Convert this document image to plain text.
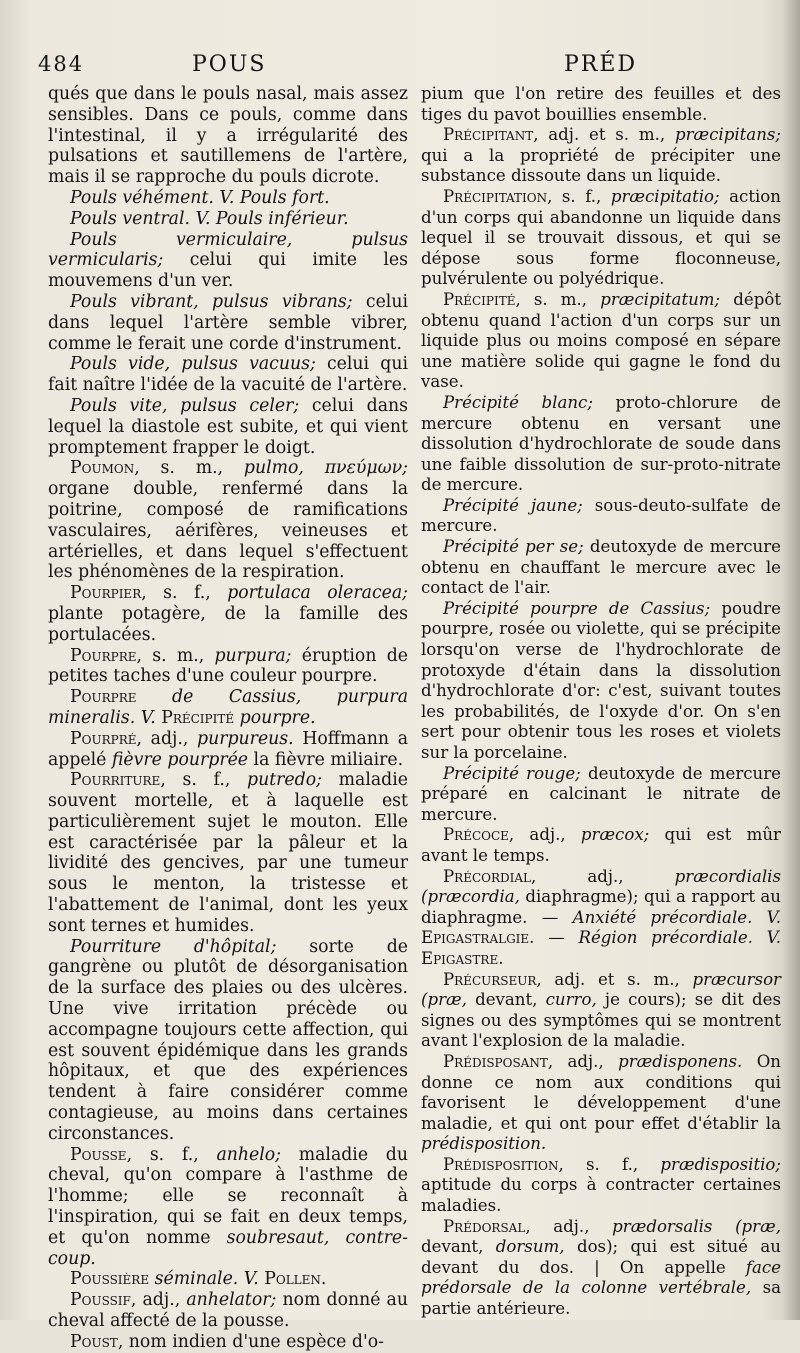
484	POUS	PRÉD

qués que dans le pouls nasal, mais assez sensibles. Dans ce pouls, comme dans l'intestinal, il y a irrégularité des pulsations et sautillemens de l'artère, mais il se rapproche du pouls dicrote.

Pouls véhément. V. Pouls fort.

Pouls ventral. V. Pouls inférieur.

Pouls vermiculaire, pulsus vermicularis; celui qui imite les mouvemens d'un ver.

Pouls vibrant, pulsus vibrans; celui dans lequel l'artère semble vibrer, comme le ferait une corde d'instrument.

Pouls vide, pulsus vacuus; celui qui fait naître l'idée de la vacuité de l'artère.

Pouls vite, pulsus celer; celui dans lequel la diastole est subite, et qui vient promptement frapper le doigt.

Poumon, s. m., pulmo, πνεύμων; organe double, renfermé dans la poitrine, composé de ramifications vasculaires, aérifères, veineuses et artérielles, et dans lequel s'effectuent les phénomènes de la respiration.

Pourpier, s. f., portulaca oleracea; plante potagère, de la famille des portulacées.

Pourpre, s. m., purpura; éruption de petites taches d'une couleur pourpre.

Pourpre de Cassius, purpura mineralis. V. Précipité pourpre.

Pourpré, adj., purpureus. Hoffmann a appelé fièvre pourprée la fièvre miliaire.

Pourriture, s. f., putredo; maladie souvent mortelle, et à laquelle est particulièrement sujet le mouton. Elle est caractérisée par la pâleur et la lividité des gencives, par une tumeur sous le menton, la tristesse et l'abattement de l'animal, dont les yeux sont ternes et humides.

Pourriture d'hôpital; sorte de gangrène ou plutôt de désorganisation de la surface des plaies ou des ulcères. Une vive irritation précède ou accompagne toujours cette affection, qui est souvent épidémique dans les grands hôpitaux, et que des expériences tendent à faire considérer comme contagieuse, au moins dans certaines circonstances.

Pousse, s. f., anhelo; maladie du cheval, qu'on compare à l'asthme de l'homme; elle se reconnaît à l'inspiration, qui se fait en deux temps, et qu'on nomme soubresaut, contre-coup.

Poussière séminale. V. Pollen.

Poussif, adj., anhelator; nom donné au cheval affecté de la pousse.

Poust, nom indien d'une espèce d'o-

pium que l'on retire des feuilles et des tiges du pavot bouillies ensemble.

Précipitant, adj. et s. m., præcipitans; qui a la propriété de précipiter une substance dissoute dans un liquide.

Précipitation, s. f., præcipitatio; action d'un corps qui abandonne un liquide dans lequel il se trouvait dissous, et qui se dépose sous forme floconneuse, pulvérulente ou polyédrique.

Précipité, s. m., præcipitatum; dépôt obtenu quand l'action d'un corps sur un liquide plus ou moins composé en sépare une matière solide qui gagne le fond du vase.

Précipité blanc; proto-chlorure de mercure obtenu en versant une dissolution d'hydrochlorate de soude dans une faible dissolution de sur-proto-nitrate de mercure.

Précipité jaune; sous-deuto-sulfate de mercure.

Précipité per se; deutoxyde de mercure obtenu en chauffant le mercure avec le contact de l'air.

Précipité pourpre de Cassius; poudre pourpre, rosée ou violette, qui se précipite lorsqu'on verse de l'hydrochlorate de protoxyde d'étain dans la dissolution d'hydrochlorate d'or: c'est, suivant toutes les probabilités, de l'oxyde d'or. On s'en sert pour obtenir tous les roses et violets sur la porcelaine.

Précipité rouge; deutoxyde de mercure préparé en calcinant le nitrate de mercure.

Précoce, adj., præcox; qui est mûr avant le temps.

Précordial, adj., præcordialis (præcordia, diaphragme); qui a rapport au diaphragme. — Anxiété précordiale. V. Epigastralgie. — Région précordiale. V. Epigastre.

Précurseur, adj. et s. m., præcursor (præ, devant, curro, je cours); se dit des signes ou des symptômes qui se montrent avant l'explosion de la maladie.

Prédisposant, adj., prædisponens. On donne ce nom aux conditions qui favorisent le développement d'une maladie, et qui ont pour effet d'établir la prédisposition.

Prédisposition, s. f., prædispositio; aptitude du corps à contracter certaines maladies.

Prédorsal, adj., prædorsalis (præ, devant, dorsum, dos); qui est situé au devant du dos. | On appelle face prédorsale de la colonne vertébrale, sa partie antérieure.
